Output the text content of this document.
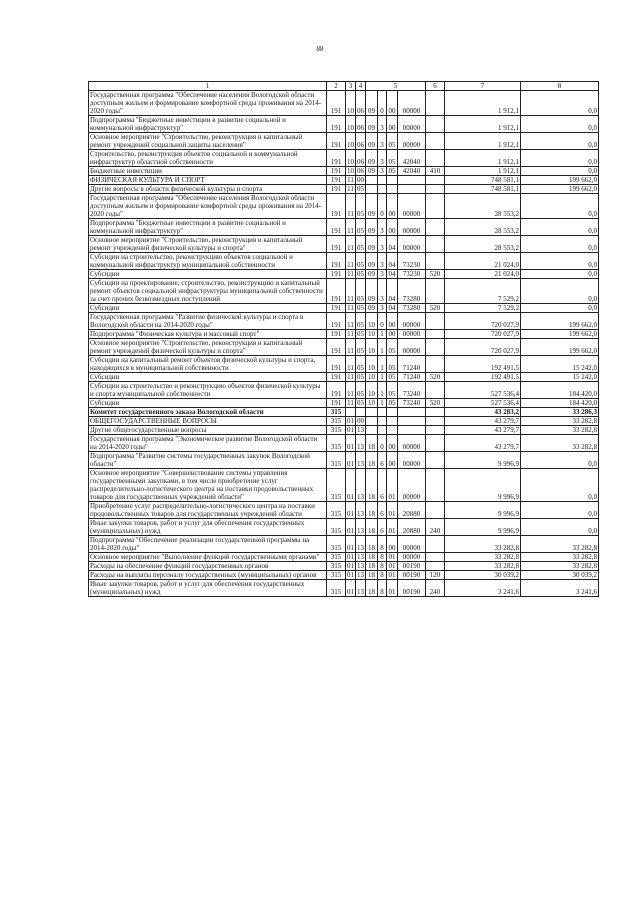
88
1	2	3	4	5				6	7	8
Государственная программа "Обеспечение населения Вологодской области доступным жильем и формирование комфортной среды проживания на 2014-2020 годы"	191	10	06	09	0	00	00000		1 912,1	0,0
Подпрограмма "Бюджетные инвестиции в развитие социальной и коммунальной инфраструктур"	191	10	06	09	3	00	00000		1 912,1	0,0
Основное мероприятие "Строительство, реконструкция и капитальный ремонт учреждений социальной защиты населения"	191	10	06	09	3	05	00000		1 912,1	0,0
Строительство, реконструкция объектов социальной и коммунальной инфраструктур областной собственности	191	10	06	09	3	05	42040		1 912,1	0,0
Бюджетные инвестиции	191	10	06	09	3	05	42040	410	1 912,1	0,0
ФИЗИЧЕСКАЯ КУЛЬТУРА И СПОРТ	191	11	00						748 581,1	199 662,0
Другие вопросы в области физической культуры и спорта	191	11	05						748 581,1	199 662,0
Государственная программа "Обеспечение населения Вологодской области доступным жильем и формирование комфортной среды проживания на 2014-2020 годы"	191	11	05	09	0	00	00000		28 553,2	0,0
Подпрограмма "Бюджетные инвестиции в развитие социальной и коммунальной инфраструктур"	191	11	05	09	3	00	00000		28 553,2	0,0
Основное мероприятие "Строительство, реконструкция и капитальный ремонт учреждений физической культуры и спорта"	191	11	05	09	3	04	00000		28 553,2	0,0
Субсидии на строительство, реконструкцию объектов социальной и коммунальной инфраструктур муниципальной собственности	191	11	05	09	3	04	73230		21 024,0	0,0
Субсидии	191	11	05	09	3	04	73230	520	21 024,0	0,0
Субсидии на проектирование, строительство, реконструкцию и капитальный ремонт объектов социальной инфраструктуры муниципальной собственности за счет прочих безвозмездных поступлений	191	11	05	09	3	04	73280		7 529,2	0,0
Субсидии	191	11	05	09	3	04	73280	520	7 529,2	0,0
Государственная программа "Развитие физической культуры и спорта в Вологодской области на 2014-2020 годы"	191	11	05	10	0	00	00000		720 027,9	199 662,0
Подпрограмма "Физическая культура и массовый спорт"	191	11	05	10	1	00	00000		720 027,9	199 662,0
Основное мероприятие "Строительство, реконструкция и капитальный ремонт учреждений физической культуры и спорта"	191	11	05	10	1	05	00000		720 027,9	199 662,0
Субсидии на капитальный ремонт объектов физической культуры и спорта, находящихся в муниципальной собственности	191	11	05	10	1	05	71240		192 491,5	15 242,0
Субсидии	191	11	05	10	1	05	71240	520	192 491,5	15 242,0
Субсидии на строительство и реконструкцию объектов физической культуры и спорта муниципальной собственности	191	11	05	10	1	05	73240		527 536,4	184 420,0
Субсидии	191	11	05	10	1	05	73240	520	527 536,4	184 420,0
Комитет государственного заказа Вологодской области	315								43 283,2	33 286,3
ОБЩЕГОСУДАРСТВЕННЫЕ ВОПРОСЫ	315	01	00						43 279,7	33 282,8
Другие общегосударственные вопросы	315	01	13						43 279,7	33 282,8
Государственная программа "Экономическое развитие Вологодской области на 2014-2020 годы"	315	01	13	18	0	00	00000		43 279,7	33 282,8
Подпрограмма "Развитие системы государственных закупок Вологодской области"	315	01	13	18	6	00	00000		9 996,9	0,0
Основное мероприятие "Совершенствование системы управления государственными закупками, в том числе приобретение услуг распределительно-логистического центра на поставки продовольственных товаров для государственных учреждений области"	315	01	13	18	6	01	00000		9 996,9	0,0
Приобретение услуг распределительно-логистического центра на поставки продовольственных товаров для государственных учреждений области	315	01	13	18	6	01	20880		9 996,9	0,0
Иные закупки товаров, работ и услуг для обеспечения государственных (муниципальных) нужд	315	01	13	18	6	01	20880	240	9 996,9	0,0
Подпрограмма "Обеспечение реализации государственной программы на 2014-2020 годы"	315	01	13	18	8	00	00000		33 282,8	33 282,8
Основное мероприятие "Выполнение функций государственными органами"	315	01	13	18	8	01	00000		33 282,8	33 282,8
Расходы на обеспечение функций государственных органов	315	01	13	18	8	01	00190		33 282,8	33 282,8
Расходы на выплаты персоналу государственных (муниципальных) органов	315	01	13	18	8	01	00190	120	30 039,2	30 039,2
Иные закупки товаров, работ и услуг для обеспечения государственных (муниципальных) нужд	315	01	13	18	8	01	00190	240	3 241,6	3 241,6
